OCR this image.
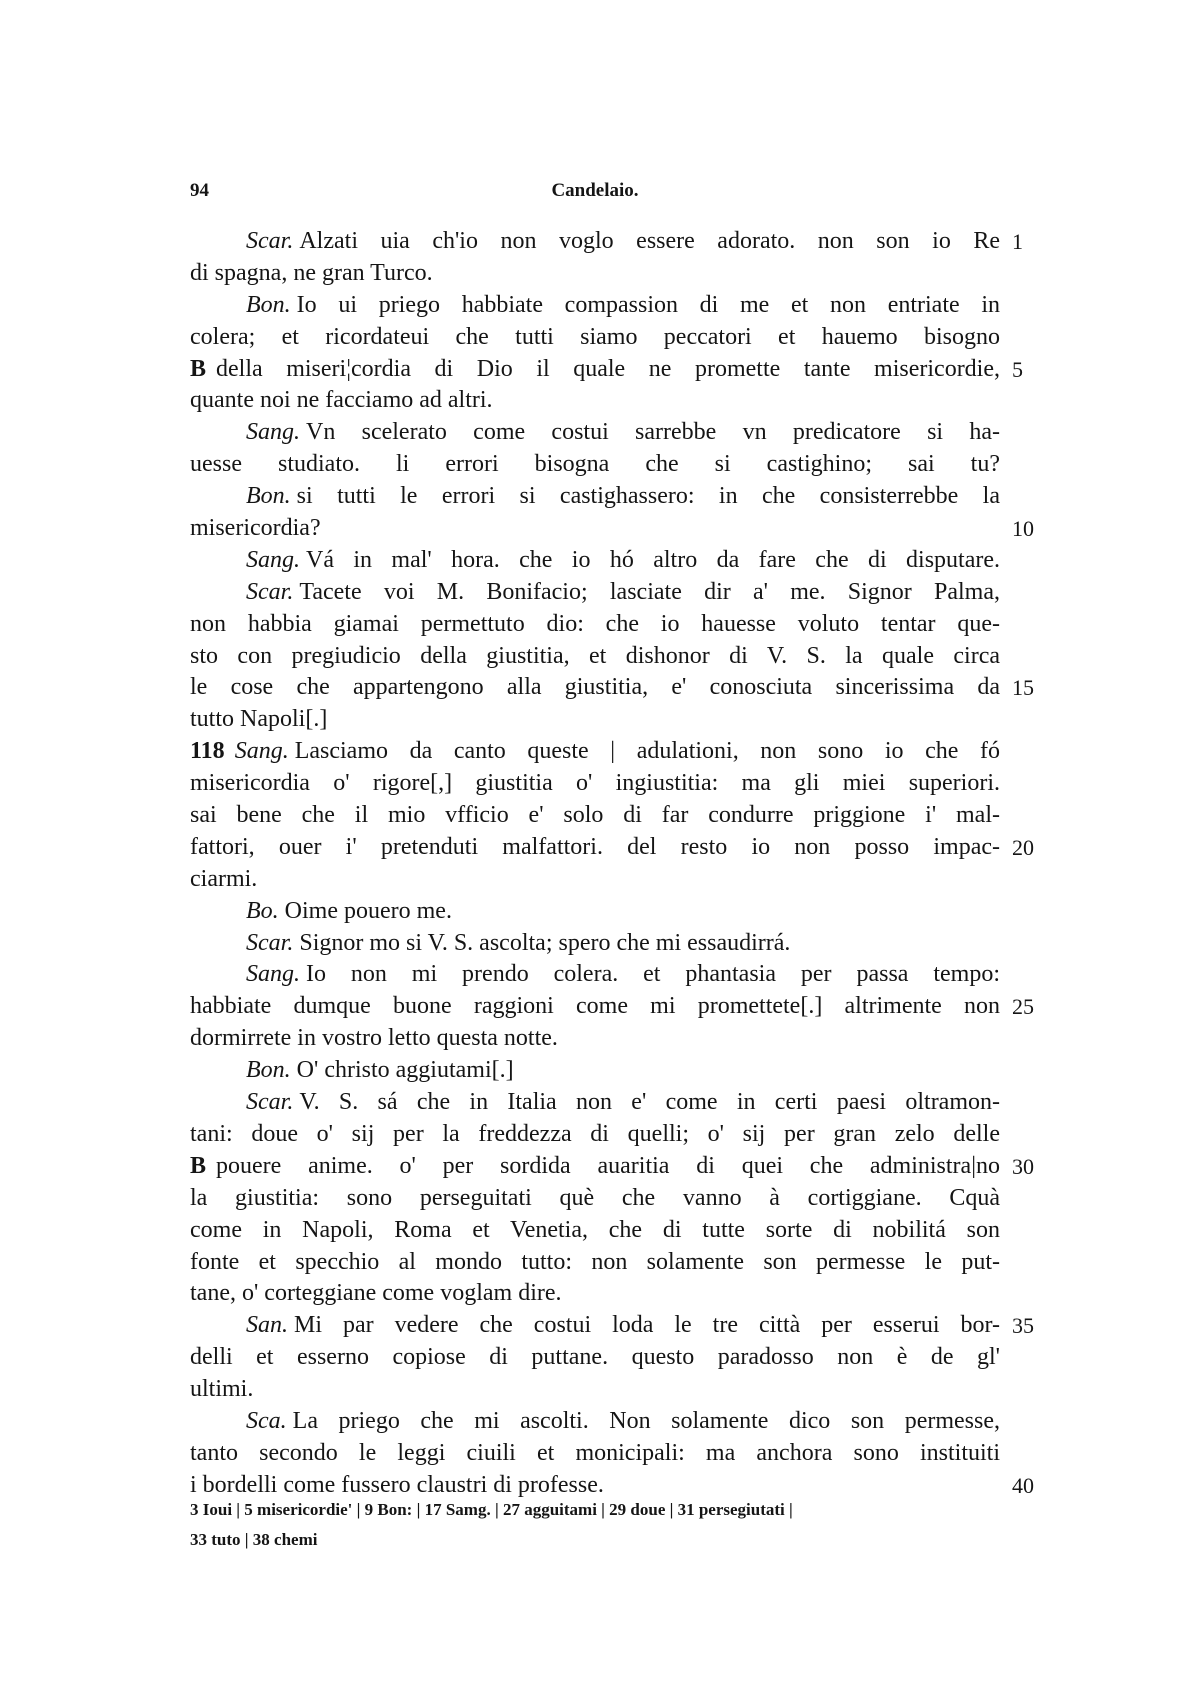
94	Candelaio.
Scar. Alzati uia ch'io non voglo essere adorato. non son io Re 1
di spagna, ne gran Turco.
Bon. Io ui priego habbiate compassion di me et non entriate in
colera; et ricordateui che tutti siamo peccatori et hauemo bisogno
B della miseri¦cordia di Dio il quale ne promette tante misericordie, 5
quante noi ne facciamo ad altri.
Sang. Vn scelerato come costui sarrebbe vn predicatore si ha-
uesse studiato. li errori bisogna che si castighino; sai tu?
Bon. si tutti le errori si castighassero: in che consisterrebbe la
misericordia?	10
Sang. Vá in mal' hora. che io hó altro da fare che di disputare.
Scar. Tacete voi M. Bonifacio; lasciate dir a' me. Signor Palma,
non habbia giamai permettuto dio: che io hauesse voluto tentar que-
sto con pregiudicio della giustitia, et dishonor di V. S. la quale circa
le cose che appartengono alla giustitia, e' conosciuta sincerissima da 15
tutto Napoli[.]
118 Sang. Lasciamo da canto queste | adulationi, non sono io che fó
misericordia o' rigore[,] giustitia o' ingiustitia: ma gli miei superiori.
sai bene che il mio vfficio e' solo di far condurre priggione i' mal-
fattori, ouer i' pretenduti malfattori. del resto io non posso impac- 20
ciarmi.
Bo. Oime pouero me.
Scar. Signor mo si V. S. ascolta; spero che mi essaudirrá.
Sang. Io non mi prendo colera. et phantasia per passa tempo:
habbiate dumque buone raggioni come mi promettete[.] altrimente non 25
dormirrete in vostro letto questa notte.
Bon. O' christo aggiutami[.]
Scar. V. S. sá che in Italia non e' come in certi paesi oltramon-
tani: doue o' sij per la freddezza di quelli; o' sij per gran zelo delle
B pouere anime. o' per sordida auaritia di quei che administra|no 30
la giustitia: sono perseguitati què che vanno à cortiggiane. Cquà
come in Napoli, Roma et Venetia, che di tutte sorte di nobilitá son
fonte et specchio al mondo tutto: non solamente son permesse le put-
tane, o' corteggiane come voglam dire.
San. Mi par vedere che costui loda le tre città per esserui bor- 35
delli et esserno copiose di puttane. questo paradosso non è de gl'
ultimi.
Sca. La priego che mi ascolti. Non solamente dico son permesse,
tanto secondo le leggi ciuili et monicipali: ma anchora sono instituiti
i bordelli come fussero claustri di professe.	40
3 Ioui | 5 misericordie' | 9 Bon: | 17 Samg. | 27 agguitami | 29 doue | 31 persegiutati |
33 tuto | 38 chemi
